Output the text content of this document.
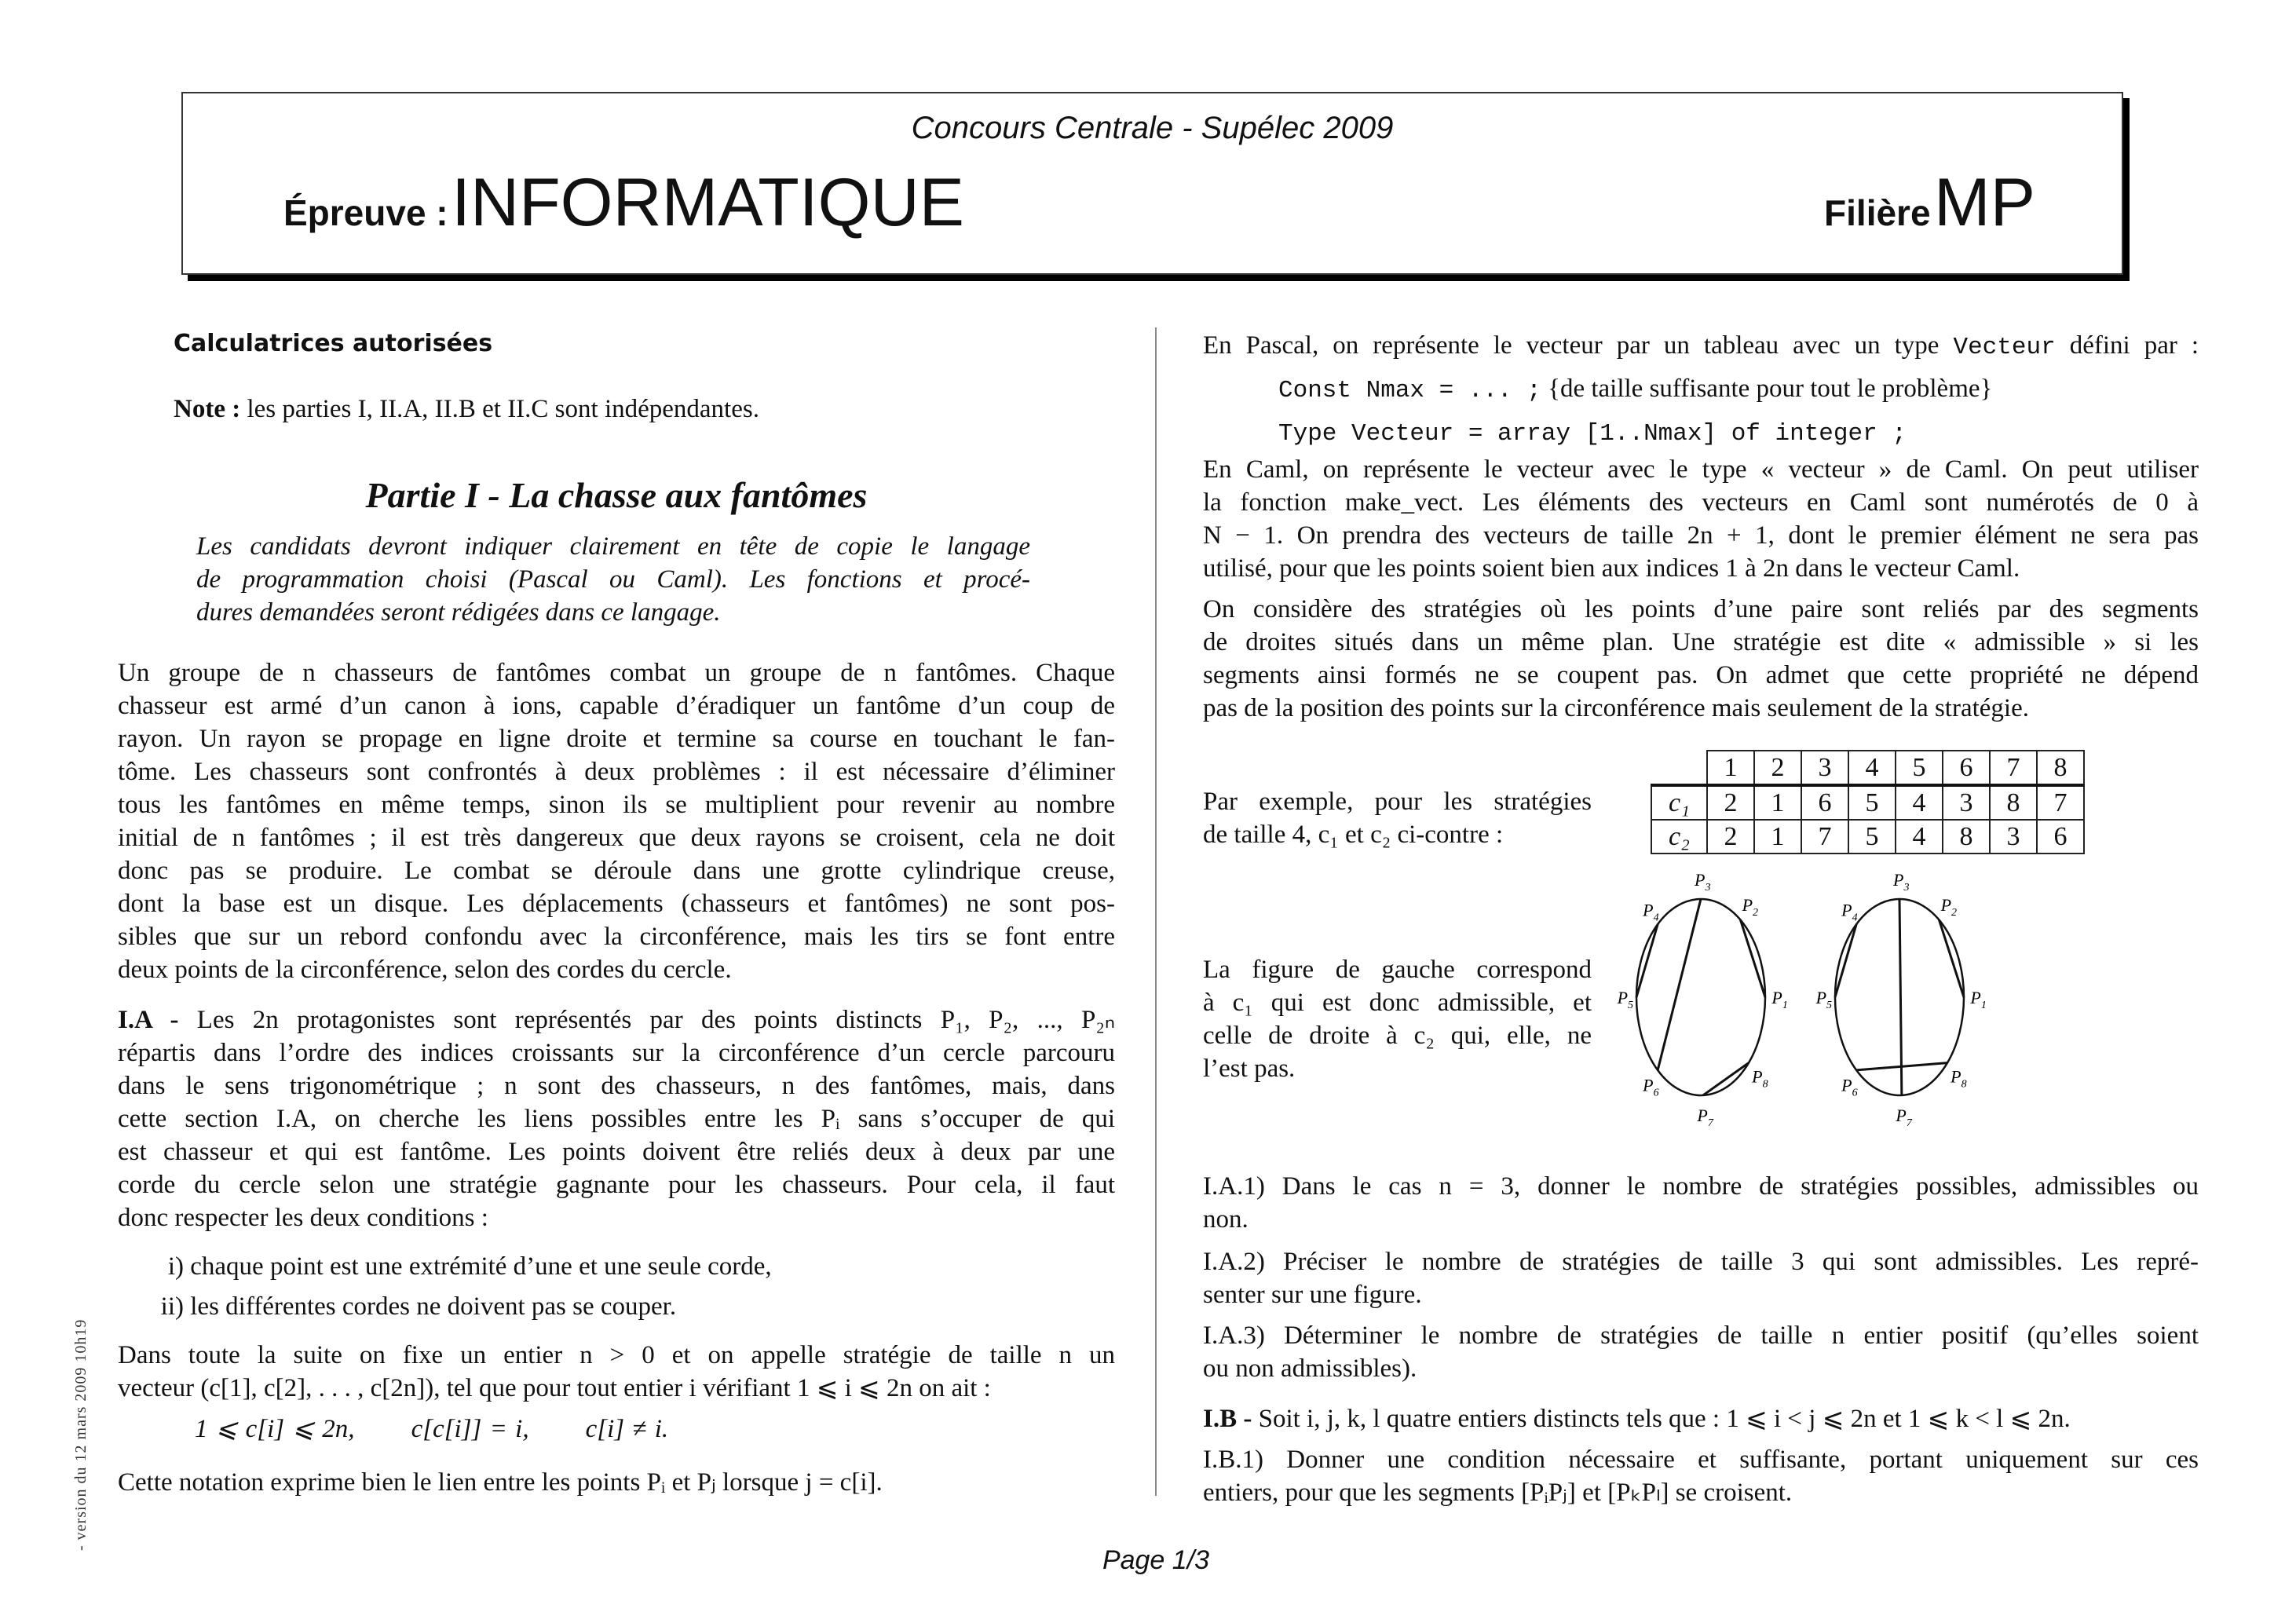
Concours Centrale - Supélec 2009
Épreuve : INFORMATIQUE	Filière MP
Calculatrices autorisées
Note : les parties I, II.A, II.B et II.C sont indépendantes.
Partie I - La chasse aux fantômes
Les candidats devront indiquer clairement en tête de copie le langage
de programmation choisi (Pascal ou Caml). Les fonctions et procé-
dures demandées seront rédigées dans ce langage.
Un groupe de n chasseurs de fantômes combat un groupe de n fantômes. Chaque
chasseur est armé d’un canon à ions, capable d’éradiquer un fantôme d’un coup de
rayon. Un rayon se propage en ligne droite et termine sa course en touchant le fan-
tôme. Les chasseurs sont confrontés à deux problèmes : il est nécessaire d’éliminer
tous les fantômes en même temps, sinon ils se multiplient pour revenir au nombre
initial de n fantômes ; il est très dangereux que deux rayons se croisent, cela ne doit
donc pas se produire. Le combat se déroule dans une grotte cylindrique creuse,
dont la base est un disque. Les déplacements (chasseurs et fantômes) ne sont pos-
sibles que sur un rebord confondu avec la circonférence, mais les tirs se font entre
deux points de la circonférence, selon des cordes du cercle.
I.A - Les 2n protagonistes sont représentés par des points distincts P₁, P₂, ..., P₂ₙ
répartis dans l’ordre des indices croissants sur la circonférence d’un cercle parcouru
dans le sens trigonométrique ; n sont des chasseurs, n des fantômes, mais, dans
cette section I.A, on cherche les liens possibles entre les Pᵢ sans s’occuper de qui
est chasseur et qui est fantôme. Les points doivent être reliés deux à deux par une
corde du cercle selon une stratégie gagnante pour les chasseurs. Pour cela, il faut
donc respecter les deux conditions :
i) chaque point est une extrémité d’une et une seule corde,
ii) les différentes cordes ne doivent pas se couper.
Dans toute la suite on fixe un entier n > 0 et on appelle stratégie de taille n un
vecteur (c[1], c[2], . . . , c[2n]), tel que pour tout entier i vérifiant 1 ⩽ i ⩽ 2n on ait :
1 ⩽ c[i] ⩽ 2n, c[c[i]] = i, c[i] ≠ i.
Cette notation exprime bien le lien entre les points Pᵢ et Pⱼ lorsque j = c[i].
En Pascal, on représente le vecteur par un tableau avec un type Vecteur défini par :
Const Nmax = ... ; {de taille suffisante pour tout le problème}
Type Vecteur = array [1..Nmax] of integer ;
En Caml, on représente le vecteur avec le type « vecteur » de Caml. On peut utiliser
la fonction make_vect. Les éléments des vecteurs en Caml sont numérotés de 0 à
N − 1. On prendra des vecteurs de taille 2n + 1, dont le premier élément ne sera pas
utilisé, pour que les points soient bien aux indices 1 à 2n dans le vecteur Caml.
On considère des stratégies où les points d’une paire sont reliés par des segments
de droites situés dans un même plan. Une stratégie est dite « admissible » si les
segments ainsi formés ne se coupent pas. On admet que cette propriété ne dépend
pas de la position des points sur la circonférence mais seulement de la stratégie.
Par exemple, pour les stratégies
de taille 4, c₁ et c₂ ci-contre :
	1	2	3	4	5	6	7	8
c₁	2	1	6	5	4	3	8	7
c₂	2	1	7	5	4	8	3	6
$P_1$
$P_2$
$P_3$
$P_4$
$P_5$
$P_6$
$P_7$
$P_8$
$P_1$
$P_2$
$P_3$
$P_4$
$P_5$
$P_6$
$P_7$
$P_8$
La figure de gauche correspond
à c₁ qui est donc admissible, et
celle de droite à c₂ qui, elle, ne
l’est pas.
I.A.1) Dans le cas n = 3, donner le nombre de stratégies possibles, admissibles ou
non.
I.A.2) Préciser le nombre de stratégies de taille 3 qui sont admissibles. Les repré-
senter sur une figure.
I.A.3) Déterminer le nombre de stratégies de taille n entier positif (qu’elles soient
ou non admissibles).
I.B - Soit i, j, k, l quatre entiers distincts tels que : 1 ⩽ i < j ⩽ 2n et 1 ⩽ k < l ⩽ 2n.
I.B.1) Donner une condition nécessaire et suffisante, portant uniquement sur ces
entiers, pour que les segments [PᵢPⱼ] et [PₖPₗ] se croisent.
Page 1/3
- version du 12 mars 2009 10h19
